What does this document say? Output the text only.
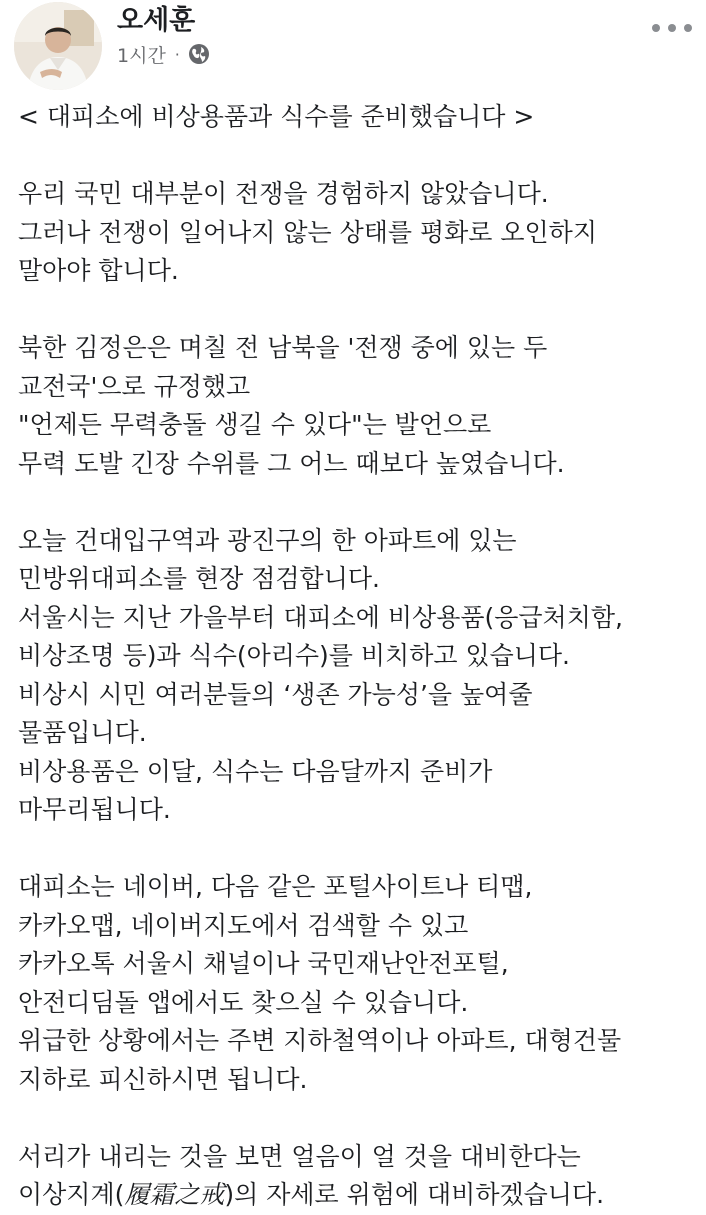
오세훈
1시간 ·
< 대피소에 비상용품과 식수를 준비했습니다 >
우리 국민 대부분이 전쟁을 경험하지 않았습니다.
그러나 전쟁이 일어나지 않는 상태를 평화로 오인하지
말아야 합니다.
북한 김정은은 며칠 전 남북을 '전쟁 중에 있는 두
교전국'으로 규정했고
"언제든 무력충돌 생길 수 있다"는 발언으로
무력 도발 긴장 수위를 그 어느 때보다 높였습니다.
오늘 건대입구역과 광진구의 한 아파트에 있는
민방위대피소를 현장 점검합니다.
서울시는 지난 가을부터 대피소에 비상용품(응급처치함,
비상조명 등)과 식수(아리수)를 비치하고 있습니다.
비상시 시민 여러분들의 ‘생존 가능성’을 높여줄
물품입니다.
비상용품은 이달, 식수는 다음달까지 준비가
마무리됩니다.
대피소는 네이버, 다음 같은 포털사이트나 티맵,
카카오맵, 네이버지도에서 검색할 수 있고
카카오톡 서울시 채널이나 국민재난안전포털,
안전디딤돌 앱에서도 찾으실 수 있습니다.
위급한 상황에서는 주변 지하철역이나 아파트, 대형건물
지하로 피신하시면 됩니다.
서리가 내리는 것을 보면 얼음이 얼 것을 대비한다는
이상지계(履霜之戒)의 자세로 위험에 대비하겠습니다.
